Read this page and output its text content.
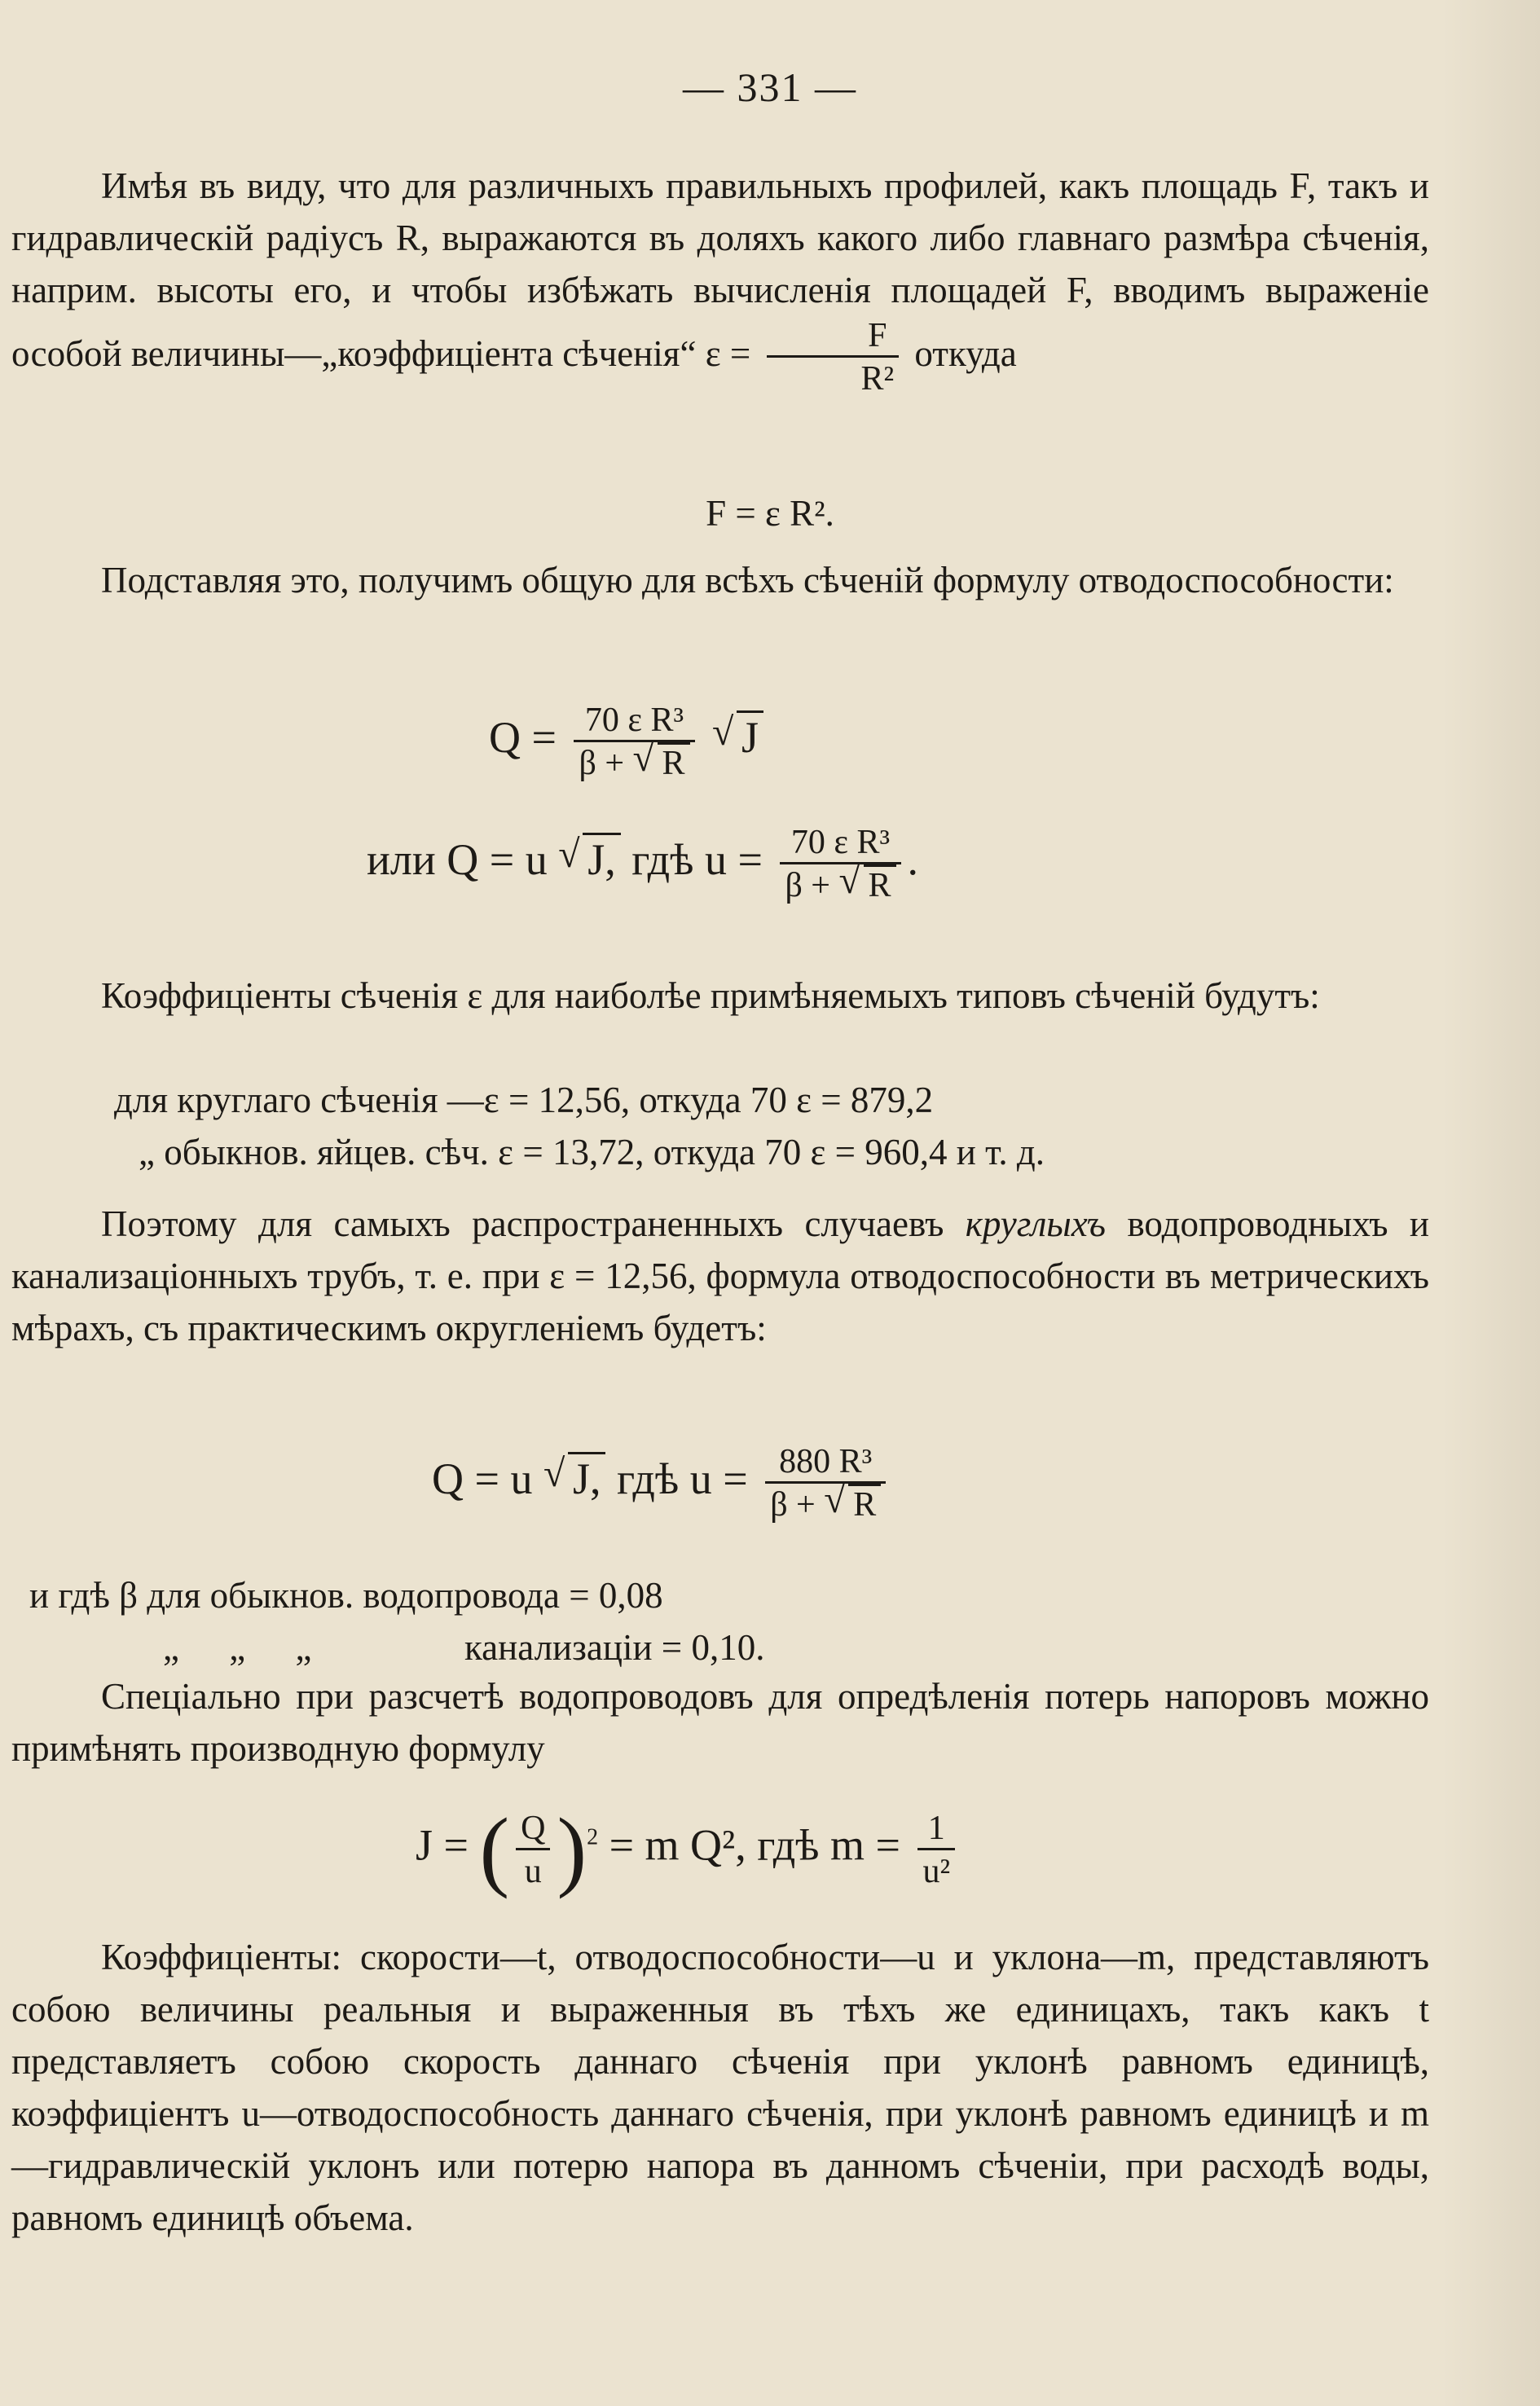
— 331 —
Имѣя въ виду, что для различныхъ правильныхъ профилей, какъ площадь F, такъ и гидравлическій радіусъ R, выражаются въ доляхъ какого либо главнаго размѣра сѣченія, наприм. высоты его, и чтобы избѣжать вычисленія площадей F, вводимъ выраженіе особой величины—„коэффиціента сѣченія“ $\varepsilon = \frac{F}{\text{R²}}$ откуда
F = ε R².
Подставляя это, получимъ общую для всѣхъ сѣченій формулу отводоспособности:
$Q = \frac{\text{70 ε R³}}{\beta + √ R}$ √ J
или Q = u √ J, гдѣ $u = \frac{\text{70 ε R³}}{\beta + √ R}$ .
Коэффиціенты сѣченія ε для наиболѣе примѣняемыхъ типовъ сѣченій будутъ:
для круглаго сѣченія —ε = 12,56, откуда 70 ε = 879,2
„ обыкнов. яйцев. сѣч. ε = 13,72, откуда 70 ε = 960,4 и т. д.
Поэтому для самыхъ распространенныхъ случаевъ круглыхъ водопроводныхъ и канализаціонныхъ трубъ, т. е. при ε = 12,56, формула отводоспособности въ метрическихъ мѣрахъ, съ практическимъ округленіемъ будетъ:
Q = u √ J, гдѣ $u = \frac{\text{880 R³}}{\beta + √ R}$
и гдѣ β для обыкнов. водопровода = 0,08
„ „ „	канализаціи = 0,10.
Спеціально при разсчетѣ водопроводовъ для опредѣленія потерь напоровъ можно примѣнять производную формулу
J = ( $\frac{Q}{u} )^2 = m$ Q², гдѣ $m = \frac{1}{\text{u²}}$
Коэффиціенты: скорости—t, отводоспособности—u и уклона—m, представляютъ собою величины реальныя и выраженныя въ тѣхъ же единицахъ, такъ какъ t представляетъ собою скорость даннаго сѣченія при уклонѣ равномъ единицѣ, коэффиціентъ u—отводоспособность даннаго сѣченія, при уклонѣ равномъ единицѣ и m—гидравлическій уклонъ или потерю напора въ данномъ сѣченіи, при расходѣ воды, равномъ единицѣ объема.
